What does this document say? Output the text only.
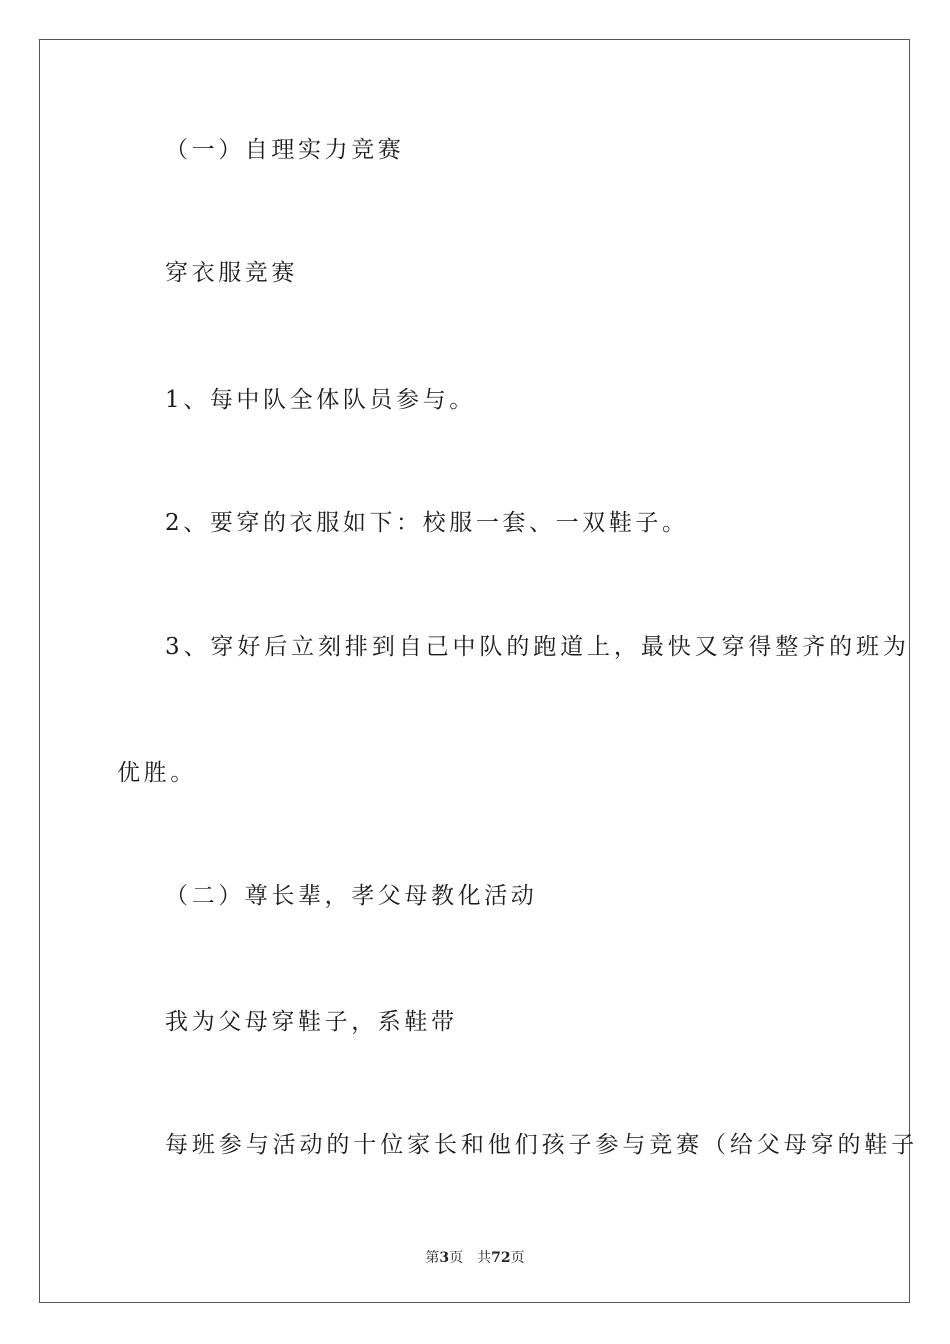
（一）自理实力竞赛
穿衣服竞赛
1、每中队全体队员参与。
2、要穿的衣服如下：校服一套、一双鞋子。
3、穿好后立刻排到自己中队的跑道上，最快又穿得整齐的班为
优胜。
（二）尊长辈，孝父母教化活动
我为父母穿鞋子，系鞋带
每班参与活动的十位家长和他们孩子参与竞赛（给父母穿的鞋子
第3页 共72页
